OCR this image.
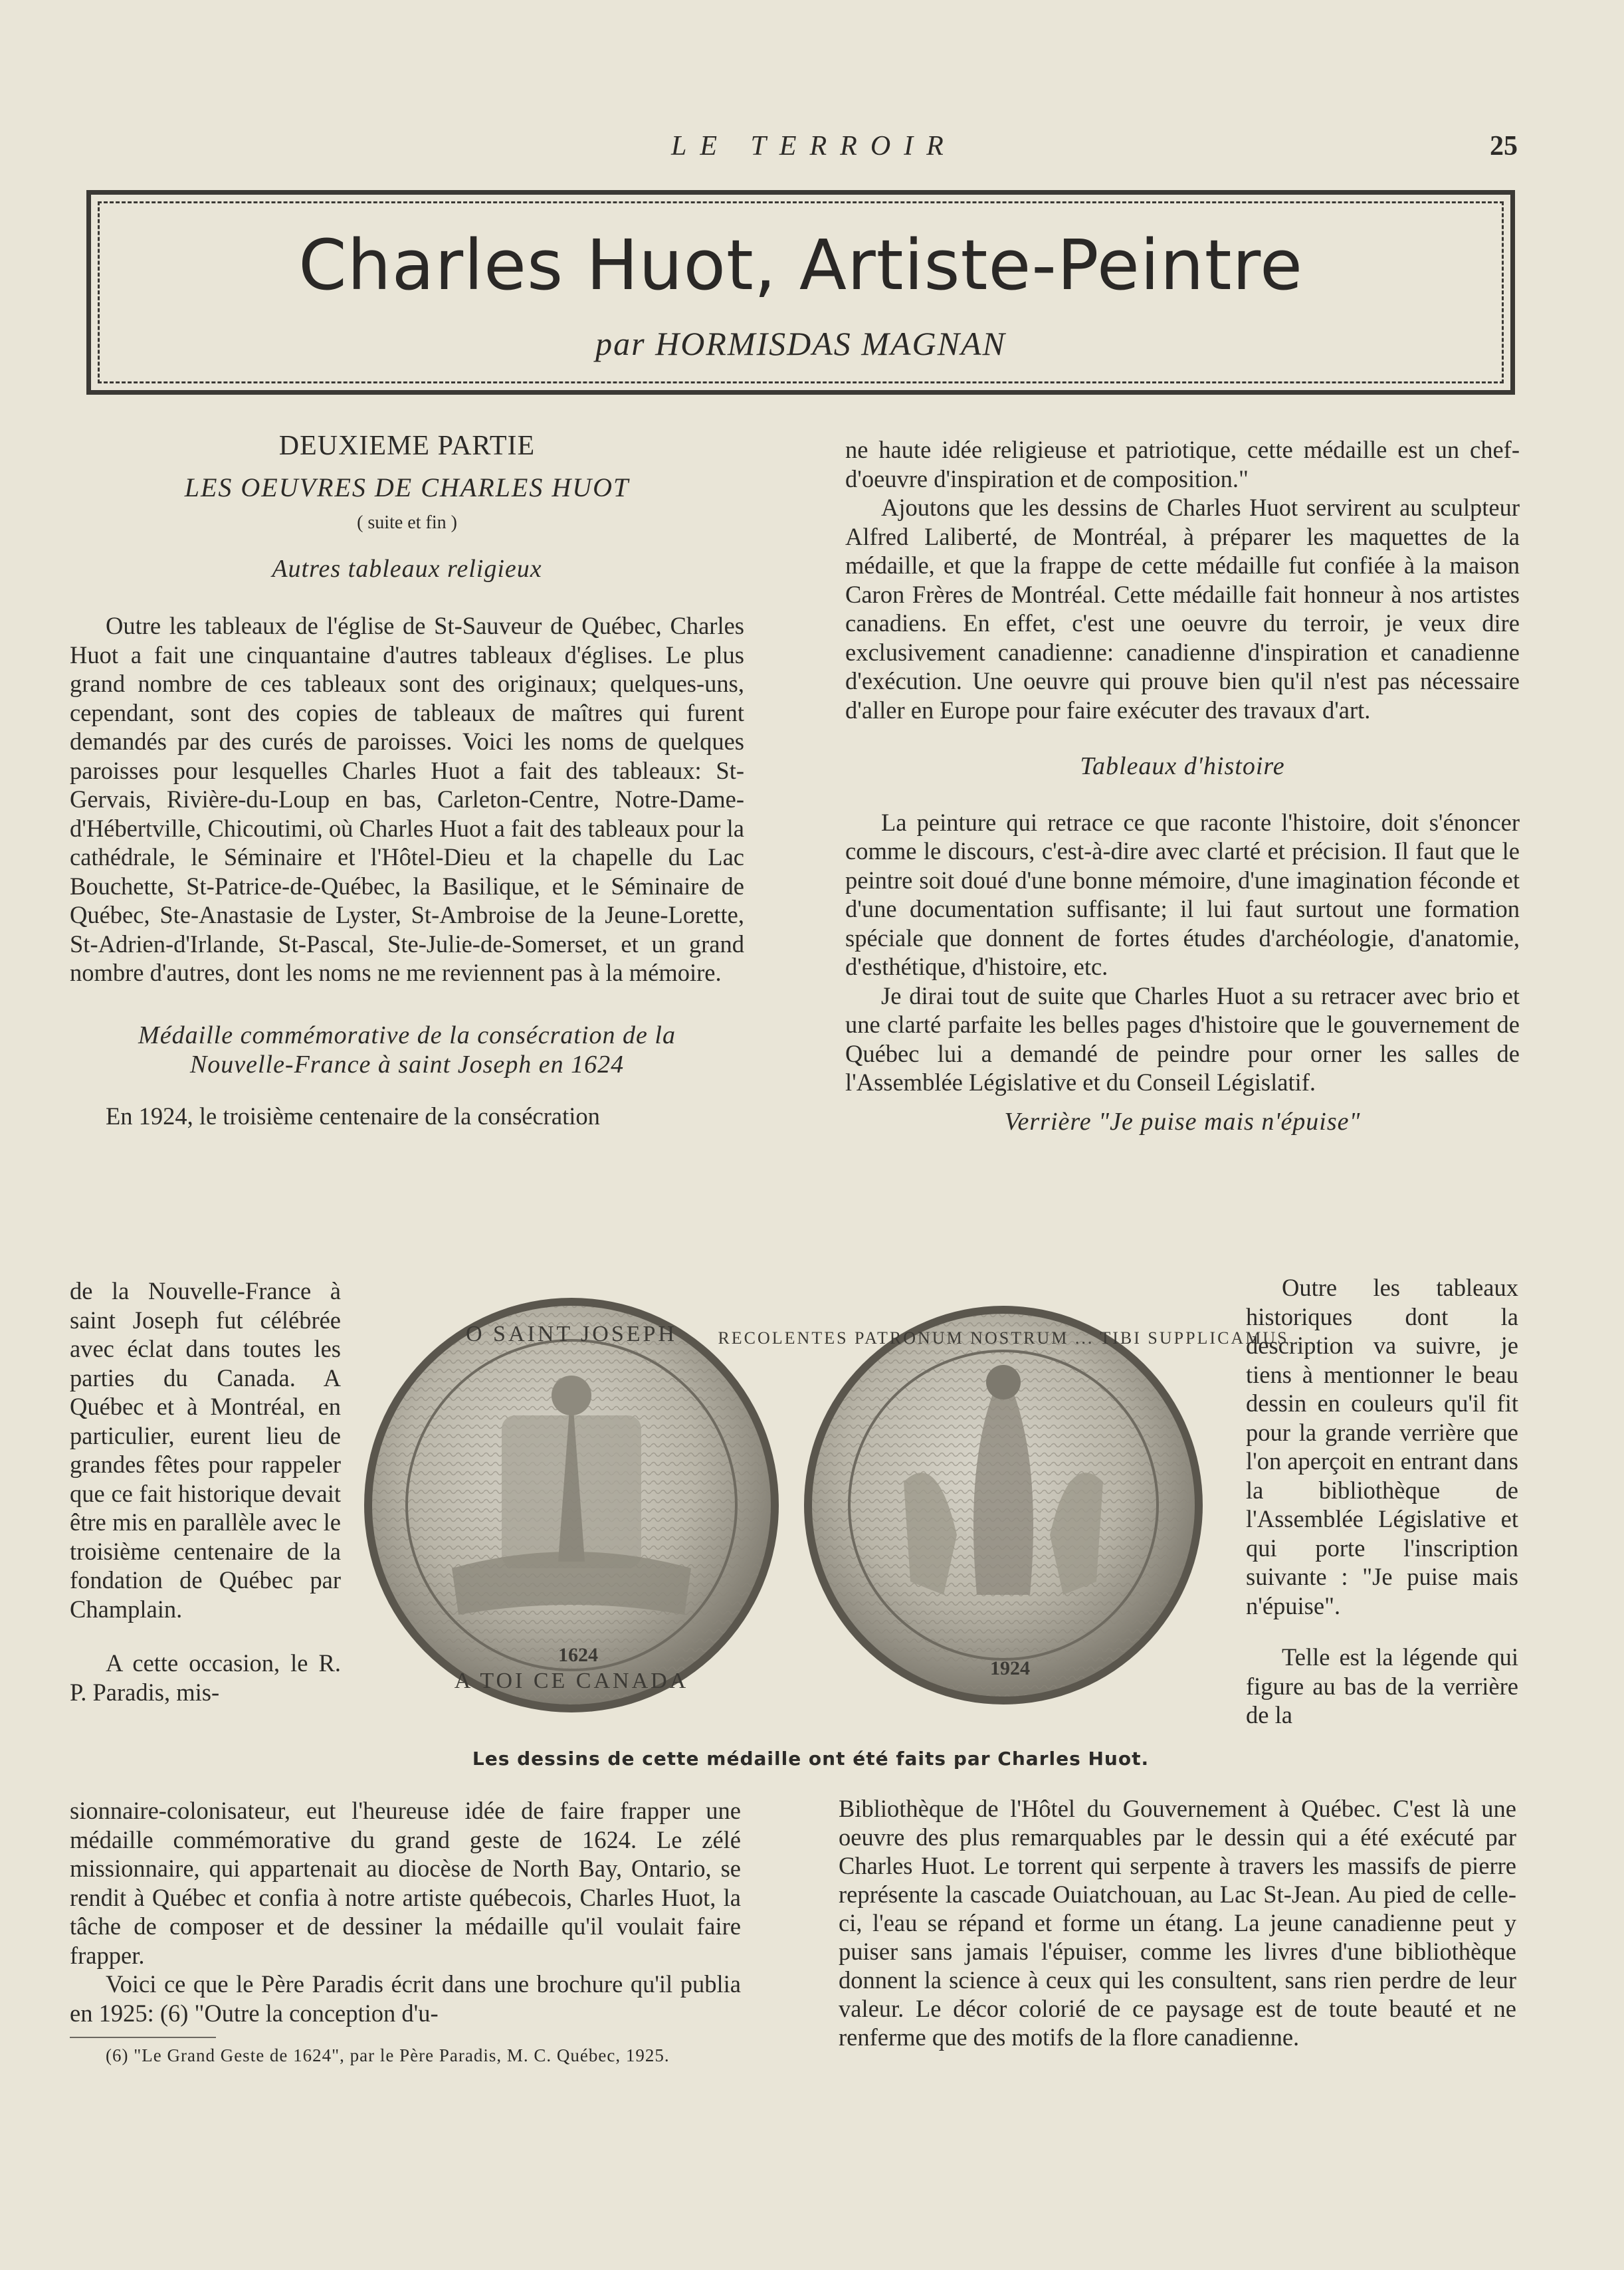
LE TERROIR	25
Charles Huot, Artiste-Peintre
par HORMISDAS MAGNAN
DEUXIEME PARTIE
LES OEUVRES DE CHARLES HUOT
( suite et fin )
Autres tableaux religieux

Outre les tableaux de l'église de St-Sauveur de Québec, Charles Huot a fait une cinquantaine d'autres tableaux d'églises. Le plus grand nombre de ces tableaux sont des originaux; quelques-uns, cependant, sont des copies de tableaux de maîtres qui furent demandés par des curés de paroisses. Voici les noms de quelques paroisses pour lesquelles Charles Huot a fait des tableaux: St-Gervais, Rivière-du-Loup en bas, Carleton-Centre, Notre-Dame-d'Hébertville, Chicoutimi, où Charles Huot a fait des tableaux pour la cathédrale, le Séminaire et l'Hôtel-Dieu et la chapelle du Lac Bouchette, St-Patrice-de-Québec, la Basilique, et le Séminaire de Québec, Ste-Anastasie de Lyster, St-Ambroise de la Jeune-Lorette, St-Adrien-d'Irlande, St-Pascal, Ste-Julie-de-Somerset, et un grand nombre d'autres, dont les noms ne me reviennent pas à la mémoire.

Médaille commémorative de la consécration de la
Nouvelle-France à saint Joseph en 1624

En 1924, le troisième centenaire de la consécration

de la Nouvelle-France à saint Joseph fut célébrée avec éclat dans toutes les parties du Canada. A Québec et à Montréal, en particulier, eurent lieu de grandes fêtes pour rappeler que ce fait historique devait être mis en parallèle avec le troisième centenaire de la fondation de Québec par Champlain.

A cette occasion, le R. P. Paradis, mis-

sionnaire-colonisateur, eut l'heureuse idée de faire frapper une médaille commémorative du grand geste de 1624. Le zélé missionnaire, qui appartenait au diocèse de North Bay, Ontario, se rendit à Québec et confia à notre artiste québecois, Charles Huot, la tâche de composer et de dessiner la médaille qu'il voulait faire frapper.

Voici ce que le Père Paradis écrit dans une brochure qu'il publia en 1925: (6) "Outre la conception d'u-

(6) "Le Grand Geste de 1624", par le Père Paradis, M. C. Québec, 1925.

ne haute idée religieuse et patriotique, cette médaille est un chef-d'oeuvre d'inspiration et de composition."

Ajoutons que les dessins de Charles Huot servirent au sculpteur Alfred Laliberté, de Montréal, à préparer les maquettes de la médaille, et que la frappe de cette médaille fut confiée à la maison Caron Frères de Montréal. Cette médaille fait honneur à nos artistes canadiens. En effet, c'est une oeuvre du terroir, je veux dire exclusivement canadienne: canadienne d'inspiration et canadienne d'exécution. Une oeuvre qui prouve bien qu'il n'est pas nécessaire d'aller en Europe pour faire exécuter des travaux d'art.

Tableaux d'histoire

La peinture qui retrace ce que raconte l'histoire, doit s'énoncer comme le discours, c'est-à-dire avec clarté et précision. Il faut que le peintre soit doué d'une bonne mémoire, d'une imagination féconde et d'une documentation suffisante; il lui faut surtout une formation spéciale que donnent de fortes études d'archéologie, d'anatomie, d'esthétique, d'histoire, etc.

Je dirai tout de suite que Charles Huot a su retracer avec brio et une clarté parfaite les belles pages d'histoire que le gouvernement de Québec lui a demandé de peindre pour orner les salles de l'Assemblée Législative et du Conseil Législatif.

Verrière "Je puise mais n'épuise"

Outre les tableaux historiques dont la description va suivre, je tiens à mentionner le beau dessin en couleurs qu'il fit pour la grande verrière que l'on aperçoit en entrant dans la bibliothèque de l'Assemblée Législative et qui porte l'inscription suivante : "Je puise mais n'épuise".

Telle est la légende qui figure au bas de la verrière de la

Bibliothèque de l'Hôtel du Gouvernement à Québec. C'est là une oeuvre des plus remarquables par le dessin qui a été exécuté par Charles Huot. Le torrent qui serpente à travers les massifs de pierre représente la cascade Ouiatchouan, au Lac St-Jean. Au pied de celle-ci, l'eau se répand et forme un étang. La jeune canadienne peut y puiser sans jamais l'épuiser, comme les livres d'une bibliothèque donnent la science à ceux qui les consultent, sans rien perdre de leur valeur. Le décor colorié de ce paysage est de toute beauté et ne renferme que des motifs de la flore canadienne.

O SAINT JOSEPH
A TOI CE CANADA
1624
RECOLENTES PATRONUM NOSTRUM ... TIBI SUPPLICAMUS
1924
Les dessins de cette médaille ont été faits par Charles Huot.
